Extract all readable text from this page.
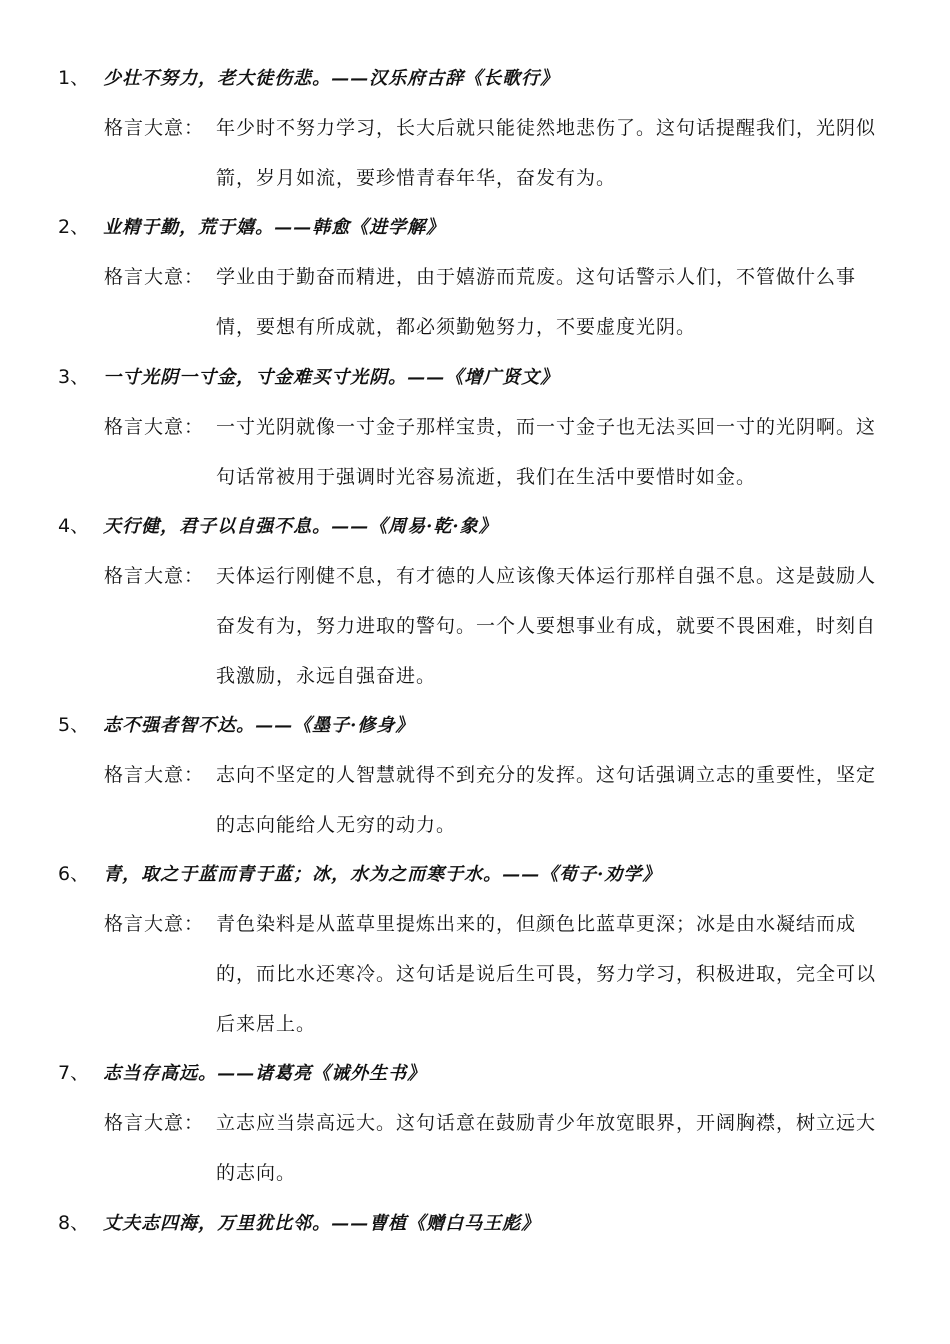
1、 少壮不努力，老大徒伤悲。——汉乐府古辞《长歌行》
格言大意： 年少时不努力学习，长大后就只能徒然地悲伤了。这句话提醒我们，光阴似箭，岁月如流，要珍惜青春年华，奋发有为。
2、 业精于勤，荒于嬉。——韩愈《进学解》
格言大意： 学业由于勤奋而精进，由于嬉游而荒废。这句话警示人们，不管做什么事情，要想有所成就，都必须勤勉努力，不要虚度光阴。
3、 一寸光阴一寸金，寸金难买寸光阴。——《增广贤文》
格言大意： 一寸光阴就像一寸金子那样宝贵，而一寸金子也无法买回一寸的光阴啊。这句话常被用于强调时光容易流逝，我们在生活中要惜时如金。
4、 天行健，君子以自强不息。——《周易·乾·象》
格言大意： 天体运行刚健不息，有才德的人应该像天体运行那样自强不息。这是鼓励人奋发有为，努力进取的警句。一个人要想事业有成，就要不畏困难，时刻自我激励，永远自强奋进。
5、 志不强者智不达。——《墨子·修身》
格言大意： 志向不坚定的人智慧就得不到充分的发挥。这句话强调立志的重要性，坚定的志向能给人无穷的动力。
6、 青，取之于蓝而青于蓝；冰，水为之而寒于水。——《荀子·劝学》
格言大意： 青色染料是从蓝草里提炼出来的，但颜色比蓝草更深；冰是由水凝结而成的，而比水还寒冷。这句话是说后生可畏，努力学习，积极进取，完全可以后来居上。
7、 志当存高远。——诸葛亮《诫外生书》
格言大意： 立志应当崇高远大。这句话意在鼓励青少年放宽眼界，开阔胸襟，树立远大的志向。
8、 丈夫志四海，万里犹比邻。——曹植《赠白马王彪》
